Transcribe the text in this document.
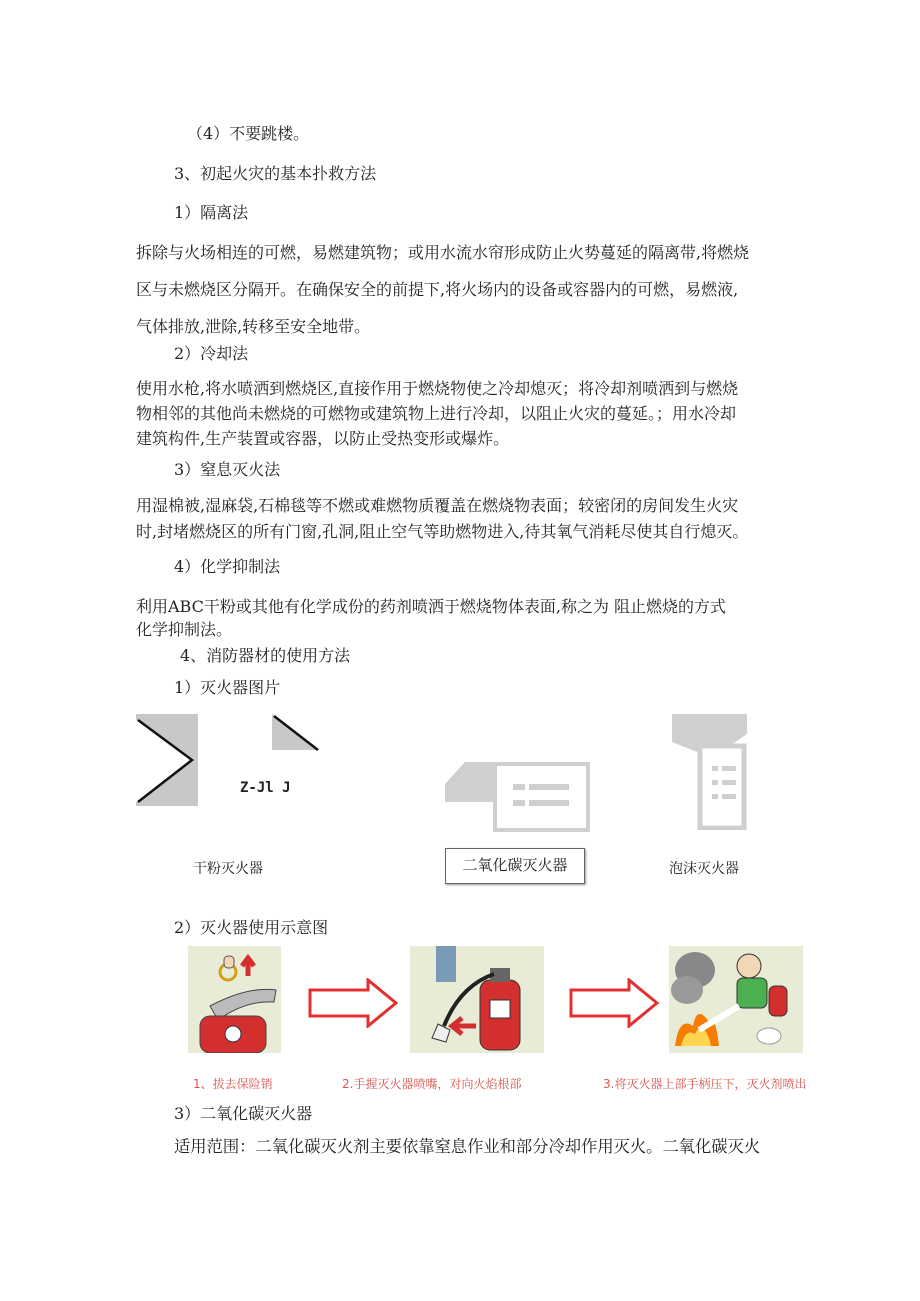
（4）不要跳楼。
3、初起火灾的基本扑救方法
1）隔离法
拆除与火场相连的可燃，易燃建筑物；或用水流水帘形成防止火势蔓延的隔离带,将燃烧
区与未燃烧区分隔开。在确保安全的前提下,将火场内的设备或容器内的可燃，易燃液,
气体排放,泄除,转移至安全地带。
2）冷却法
使用水枪,将水喷洒到燃烧区,直接作用于燃烧物使之冷却熄灭；将冷却剂喷洒到与燃烧
物相邻的其他尚未燃烧的可燃物或建筑物上进行冷却，以阻止火灾的蔓延。；用水冷却
建筑构件,生产装置或容器，以防止受热变形或爆炸。
3）窒息灭火法
用湿棉被,湿麻袋,石棉毯等不燃或难燃物质覆盖在燃烧物表面；较密闭的房间发生火灾
时,封堵燃烧区的所有门窗,孔洞,阻止空气等助燃物进入,待其氧气消耗尽使其自行熄灭。
4）化学抑制法
利用ABC干粉或其他有化学成份的药剂喷洒于燃烧物体表面,称之为 阻止燃烧的方式
化学抑制法。
4、消防器材的使用方法
1）灭火器图片
Z-Jl J
干粉灭火器	二氧化碳灭火器	泡沫灭火器
2）灭火器使用示意图
1、拔去保险销	2.手握灭火器喷嘴，对向火焰根部	3.将灭火器上部手柄压下，灭火剂喷出
3）二氧化碳灭火器
适用范围：二氧化碳灭火剂主要依靠窒息作业和部分冷却作用灭火。二氧化碳灭火
